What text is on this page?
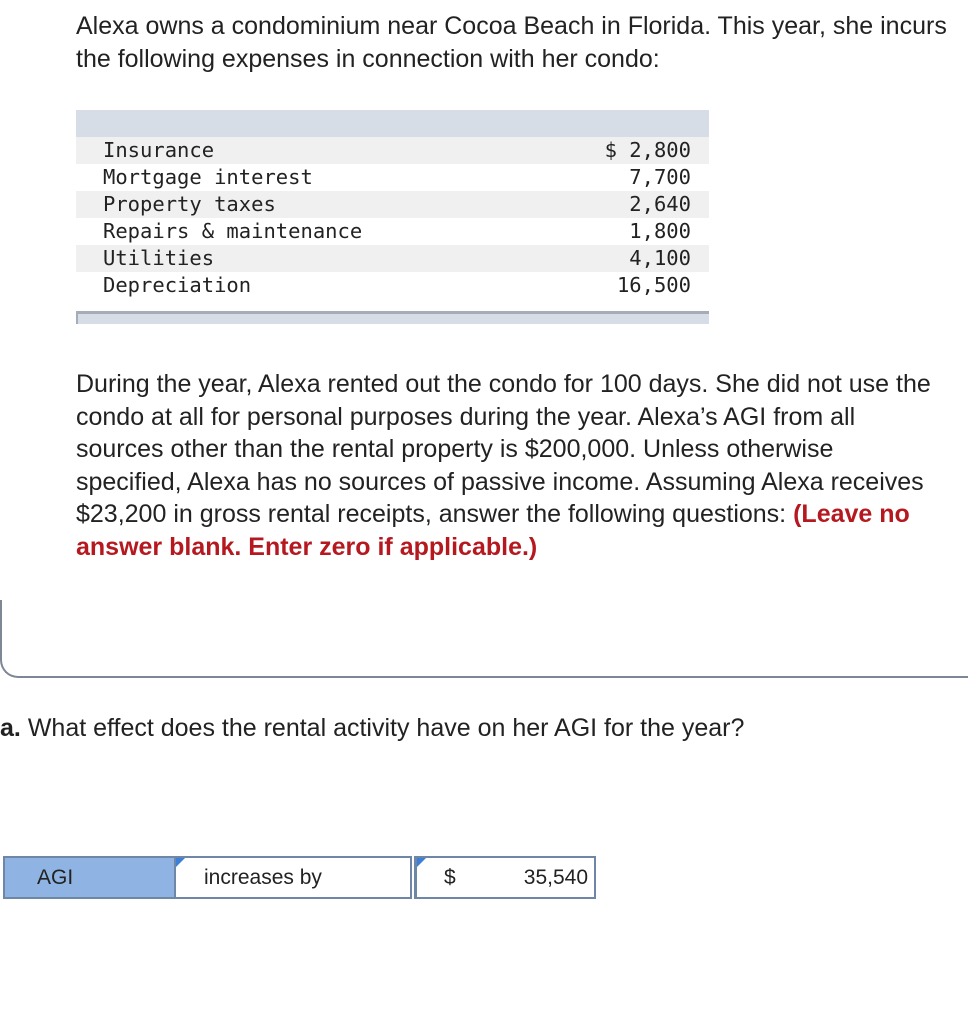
Alexa owns a condominium near Cocoa Beach in Florida. This year, she incurs the following expenses in connection with her condo:

Insurance	$ 2,800
Mortgage interest	7,700
Property taxes	2,640
Repairs & maintenance	1,800
Utilities	4,100
Depreciation	16,500

During the year, Alexa rented out the condo for 100 days. She did not use the condo at all for personal purposes during the year. Alexa’s AGI from all sources other than the rental property is $200,000. Unless otherwise specified, Alexa has no sources of passive income. Assuming Alexa receives $23,200 in gross rental receipts, answer the following questions: (Leave no answer blank. Enter zero if applicable.)

a. What effect does the rental activity have on her AGI for the year?

AGI	increases by	$	35,540
